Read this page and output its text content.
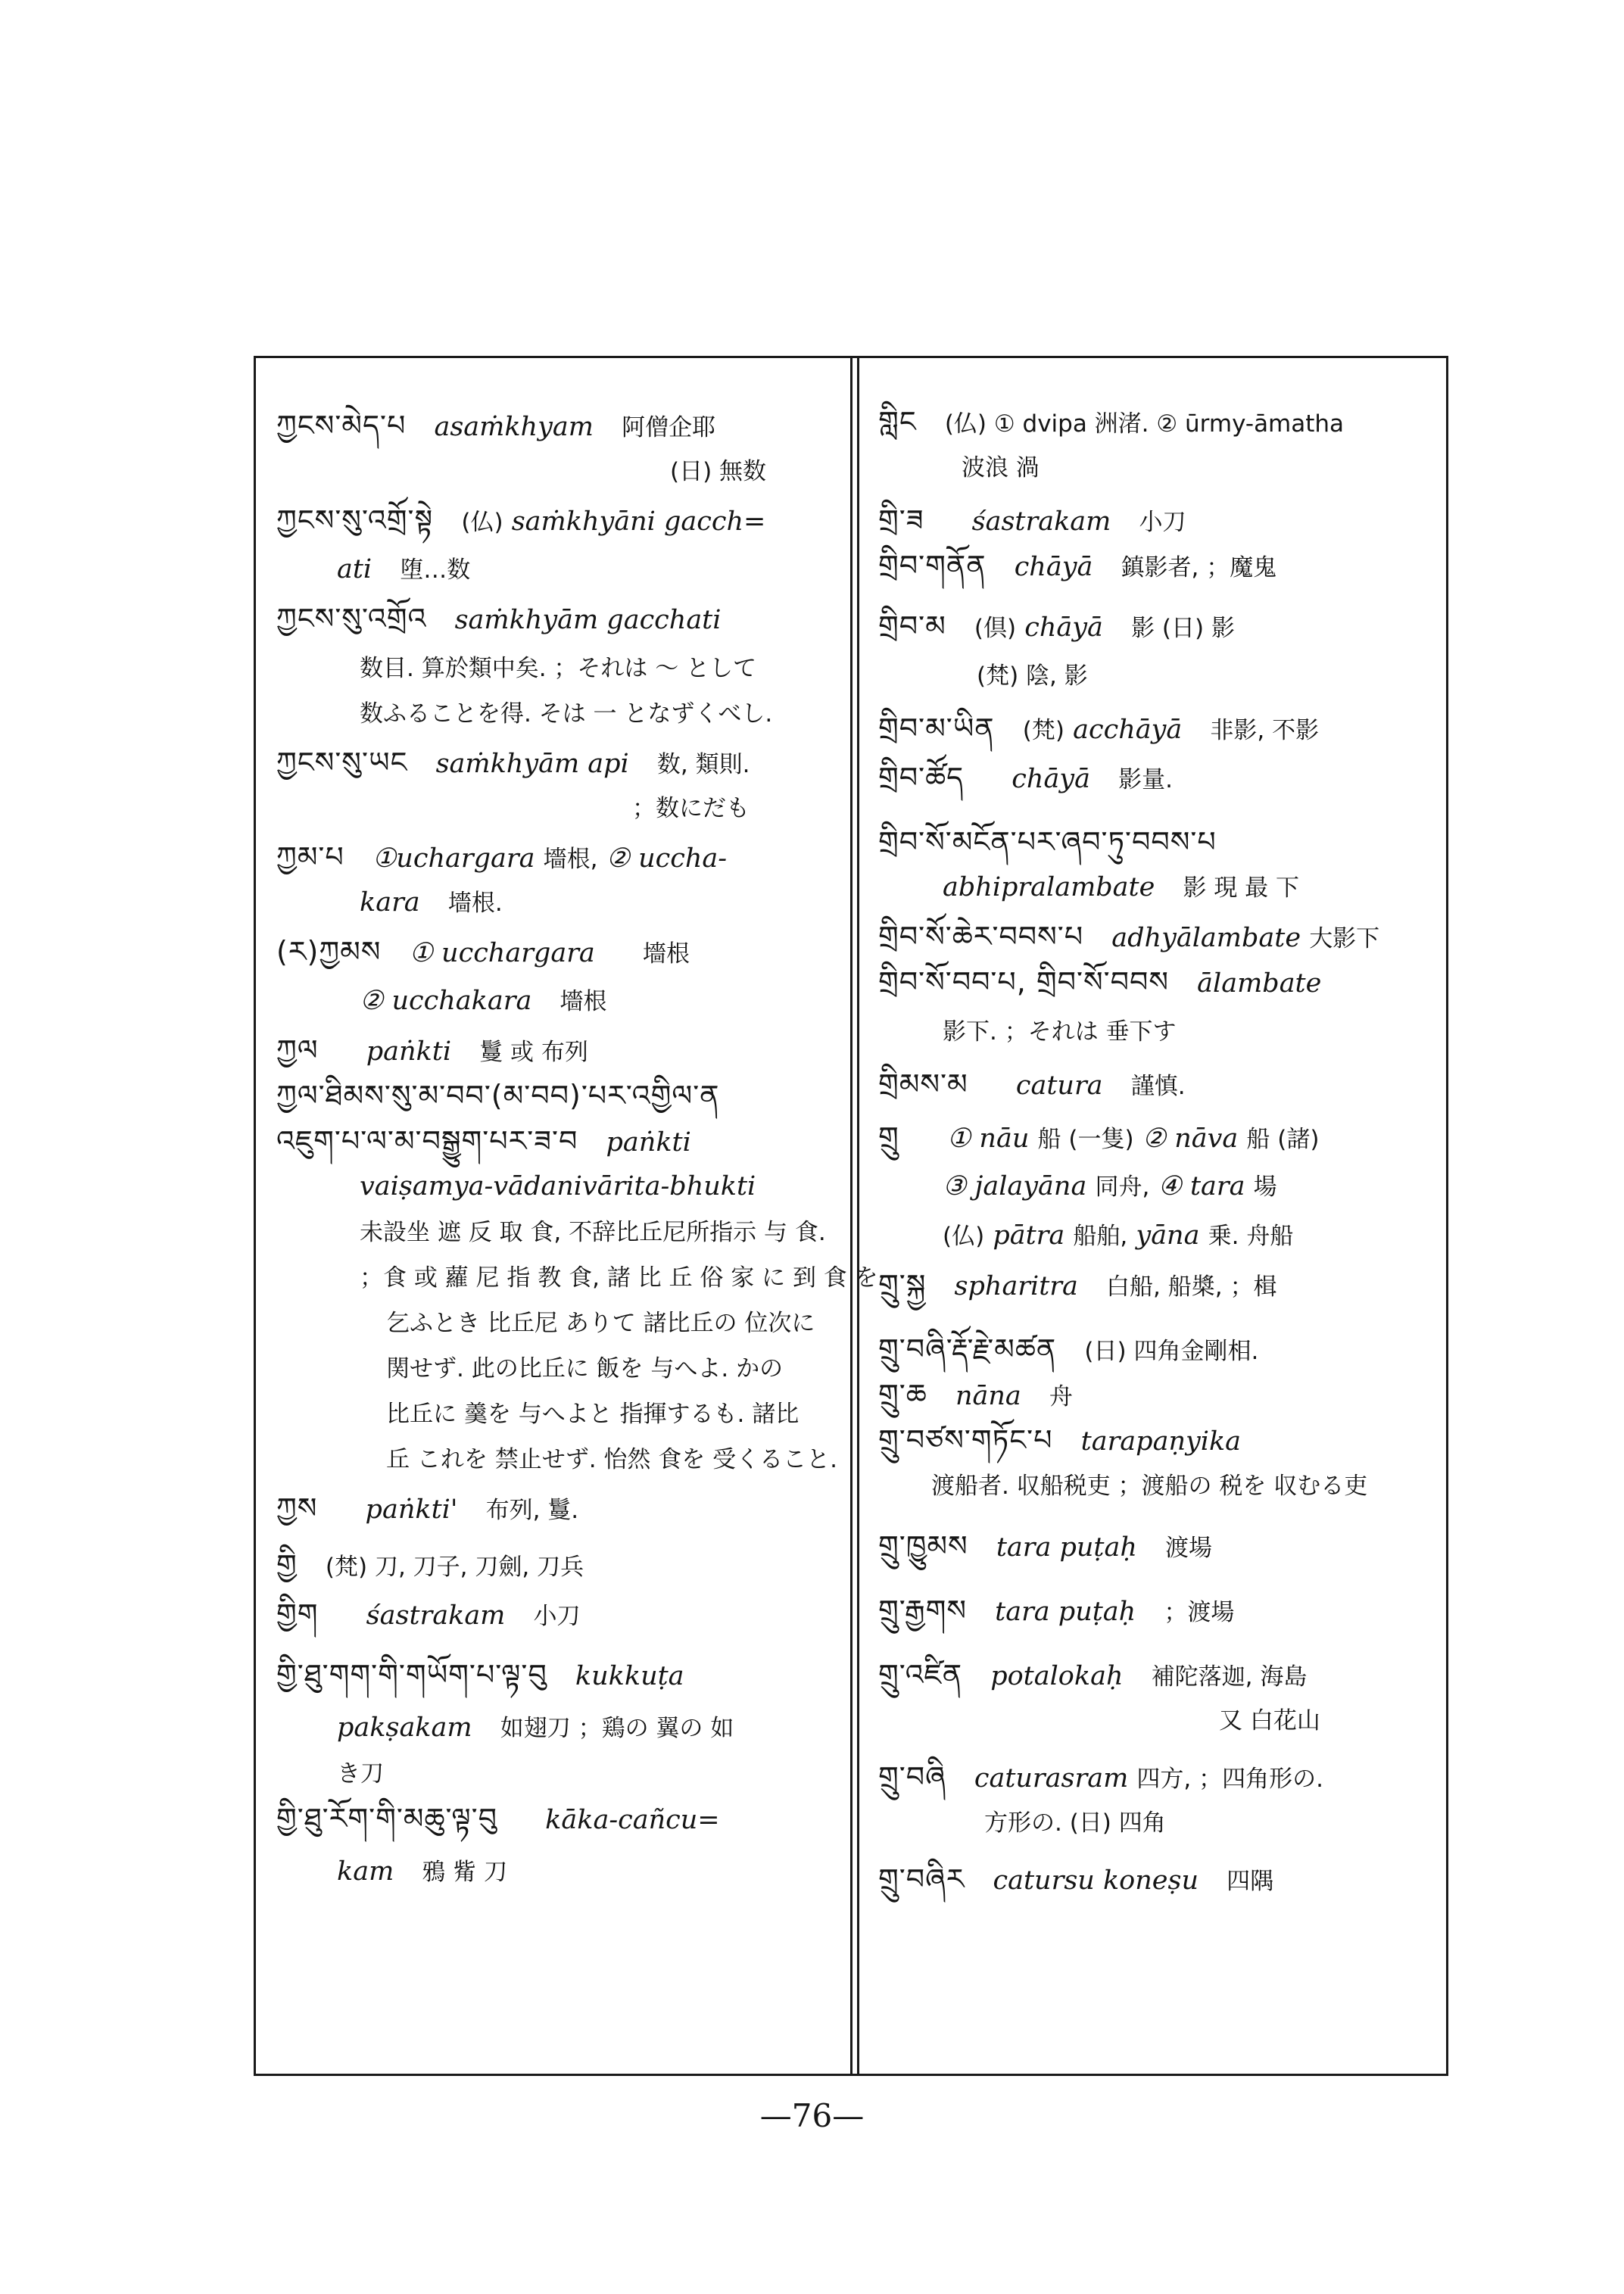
ཀྱངས་མེད་པ asaṁkhyam 阿僧企耶
(日) 無数
ཀྱངས་སུ་འགྲོ་སྟེ (仏) saṁkhyāni gacch=
ati 堕…数
ཀྱངས་སུ་འགྲོའ saṁkhyām gacchati
数目. 算於類中矣. ；それは 〜 として
数ふることを得. そは 一 となずくべし.
ཀྱངས་སུ་ཡང saṁkhyām api 数, 類則.
；数にだも
ཀྱམ་པ ①uchargara 墻根, ② uccha-
kara 墻根.
(ར)ཀྱམས ① ucchargara 墻根
② ucchakara 墻根
ཀྱལ paṅkti 鬘 或 布列
ཀྱལ་ཐིམས་སུ་མ་བབ་(མ་བབ)་པར་འགྱིལ་ན
འཇུག་པ་ལ་མ་བསྒྱུག་པར་ཟ་བ paṅkti
vaiṣamya-vādanivārita-bhukti
未設坐 遮 反 取 食, 不辞比丘尼所指示 与 食.
；食 或 蘿 尼 指 教 食, 諸 比 丘 俗 家 に 到 食 を
乞ふとき 比丘尼 ありて 諸比丘の 位次に
関せず. 此の比丘に 飯を 与へよ. かの
比丘に 羹を 与へよと 指揮するも. 諸比
丘 これを 禁止せず. 怡然 食を 受くること.
ཀྱས paṅkti' 布列, 鬘.
གྱི (梵) 刀, 刀子, 刀劍, 刀兵
གྱིག śastrakam 小刀
གྱི་ཐུ་གག་གི་གཡོག་པ་ལྟ་བུ kukkuṭa
pakṣakam 如翅刀 ；鶏の 翼の 如
き刀
གྱི་ཐུ་རོག་གི་མཆུ་ལྟ་བུ kāka-cañcu=
kam 鴉 觜 刀
གླིང (仏) ① dvipa 洲渚. ② ūrmy-āmatha
波浪 渦
གྲི་ཟ śastrakam 小刀
གྲིབ་གནོན chāyā 鎮影者, ；魔鬼
གྲིབ་མ (倶) chāyā 影 (日) 影
(梵) 陰, 影
གྲིབ་མ་ཡིན (梵) acchāyā 非影, 不影
གྲིབ་ཚོད chāyā 影量.
གྲིབ་སོ་མངོན་པར་ཞབ་ཏུ་བབས་པ
abhipralambate 影 現 最 下
གྲིབ་སོ་ཆེར་བབས་པ adhyālambate 大影下
གྲིབ་སོ་བབ་པ, གྲིབ་སོ་བབས ālambate
影下. ；それは 垂下す
གྲིམས་མ catura 謹慎.
གྲུ ① nāu 船 (一隻) ② nāva 船 (諸)
③ jalayāna 同舟, ④ tara 場
(仏) pātra 船舶, yāna 乗. 舟船
གྲུ་སྐྱ spharitra 白船, 船槳, ；楫
གྲུ་བཞི་རྡོ་རྗེ་མཚན (日) 四角金剛相.
གྲུ་ཆ nāna 舟
གྲུ་བཙས་གཏོང་པ tarapaṇyika
渡船者. 収船税吏 ；渡船の 税を 収むる吏
གྲུ་ཁྱུམས tara puṭaḥ 渡場
གྲུ་རྒྱགས tara puṭaḥ ；渡場
གྲུ་འཛིན potalokaḥ 補陀落迦, 海島
又 白花山
གྲུ་བཞི caturasram 四方, ；四角形の.
方形の. (日) 四角
གྲུ་བཞིར catursu koneṣu 四隅
—76—
